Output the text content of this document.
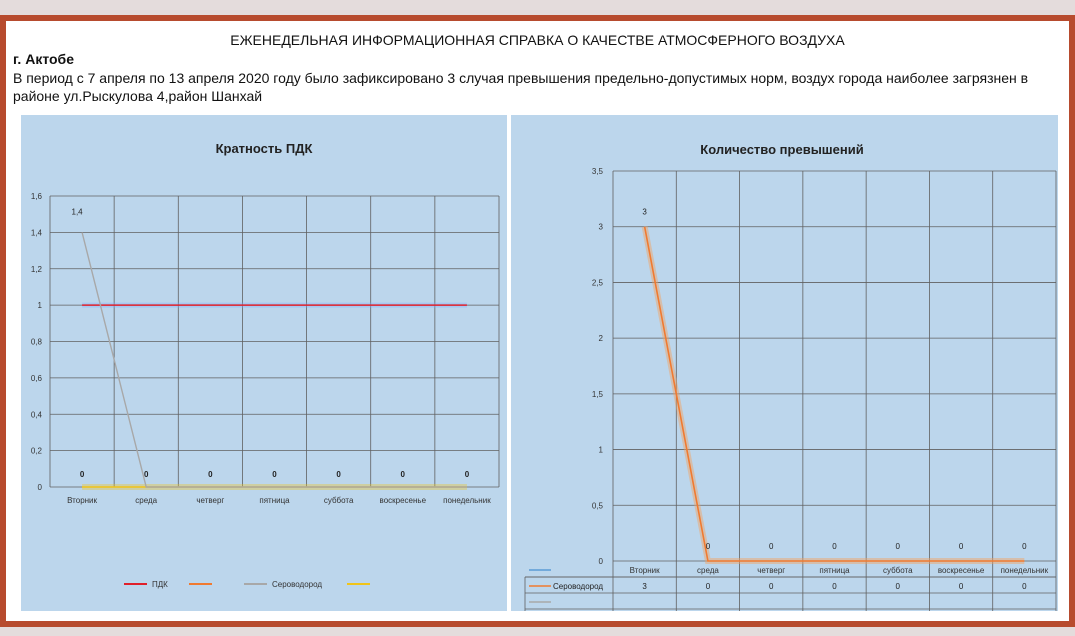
ЕЖЕНЕДЕЛЬНАЯ ИНФОРМАЦИОННАЯ СПРАВКА О КАЧЕСТВЕ АТМОСФЕРНОГО ВОЗДУХА
г. Актобе
В период с 7 апреля по 13 апреля 2020 году было зафиксировано 3 случая превышения предельно-допустимых норм, воздух города наиболее загрязнен в районе ул.Рыскулова 4,район Шанхай
Кратность ПДК
0
0,2
0,4
0,6
0,8
1
1,2
1,4
1,6
Вторник	среда	четверг	пятница	суббота	воскресенье понедельник
1,4
0	0	0	0	0	0	0
ПДК	Сероводород
Количество превышений
0
0,5
1
1,5
2
2,5
3
3,5
Вторник	среда	четверг	пятница	суббота	воскресенье понедельник
Сероводород	3	0	0	0	0	0	0
3
0	0	0	0	0	0
